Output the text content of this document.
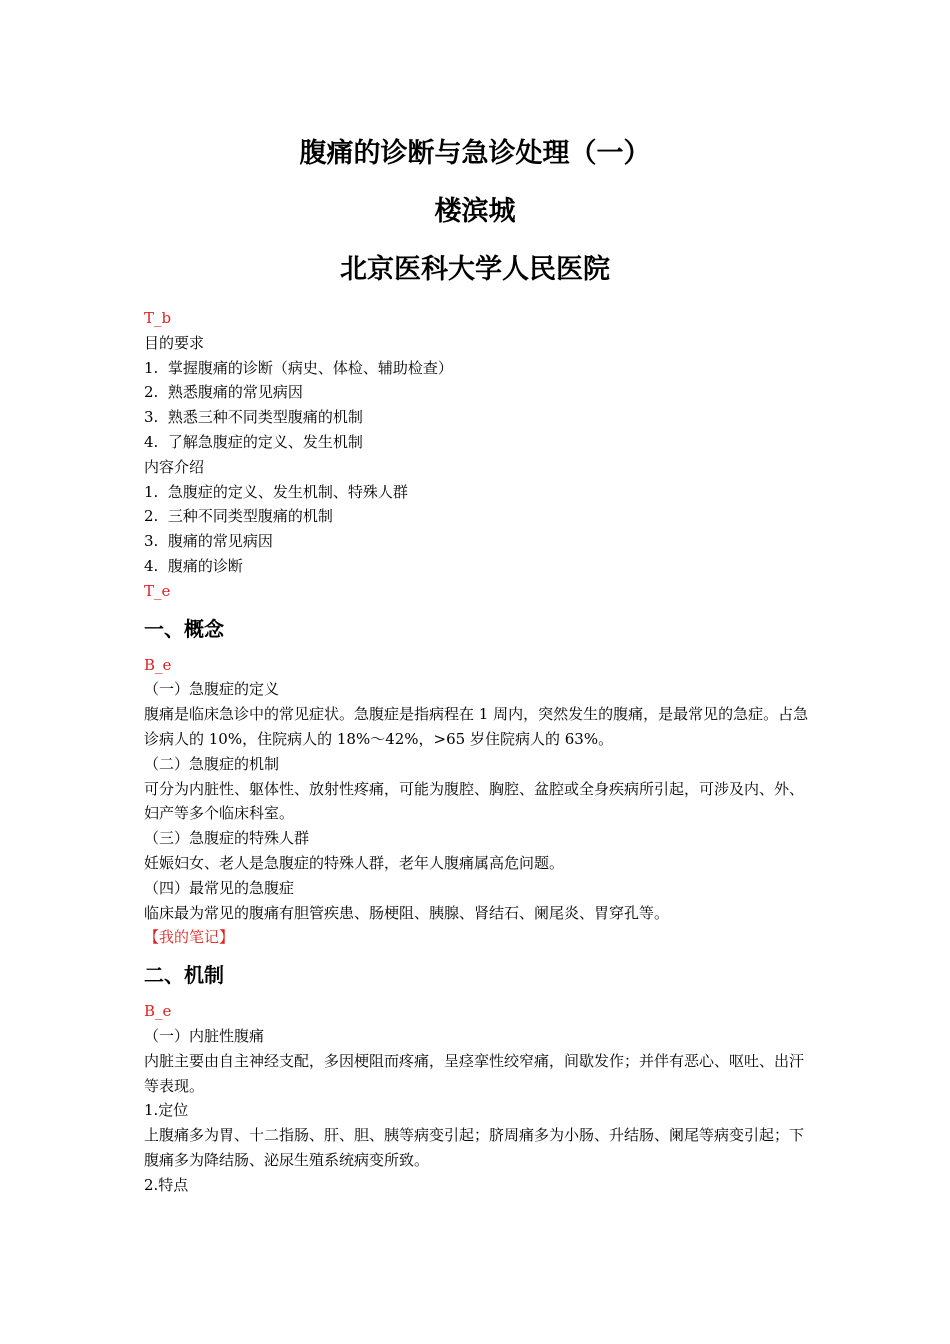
腹痛的诊断与急诊处理（一）
楼滨城
北京医科大学人民医院
T_b
目的要求
1.  掌握腹痛的诊断（病史、体检、辅助检查）
2.  熟悉腹痛的常见病因
3.  熟悉三种不同类型腹痛的机制
4.  了解急腹症的定义、发生机制
内容介绍
1.  急腹症的定义、发生机制、特殊人群
2.  三种不同类型腹痛的机制
3.  腹痛的常见病因
4.  腹痛的诊断
T_e
一、概念
B_e
（一）急腹症的定义
腹痛是临床急诊中的常见症状。急腹症是指病程在 1 周内，突然发生的腹痛，是最常见的急症。占急诊病人的 10%，住院病人的 18%～42%，>65 岁住院病人的 63%。
（二）急腹症的机制
可分为内脏性、躯体性、放射性疼痛，可能为腹腔、胸腔、盆腔或全身疾病所引起，可涉及内、外、妇产等多个临床科室。
（三）急腹症的特殊人群
妊娠妇女、老人是急腹症的特殊人群，老年人腹痛属高危问题。
（四）最常见的急腹症
临床最为常见的腹痛有胆管疾患、肠梗阻、胰腺、肾结石、阑尾炎、胃穿孔等。
【我的笔记】
二、机制
B_e
（一）内脏性腹痛
内脏主要由自主神经支配，多因梗阻而疼痛，呈痉挛性绞窄痛，间歇发作；并伴有恶心、呕吐、出汗等表现。
1.定位
上腹痛多为胃、十二指肠、肝、胆、胰等病变引起；脐周痛多为小肠、升结肠、阑尾等病变引起；下腹痛多为降结肠、泌尿生殖系统病变所致。
2.特点
